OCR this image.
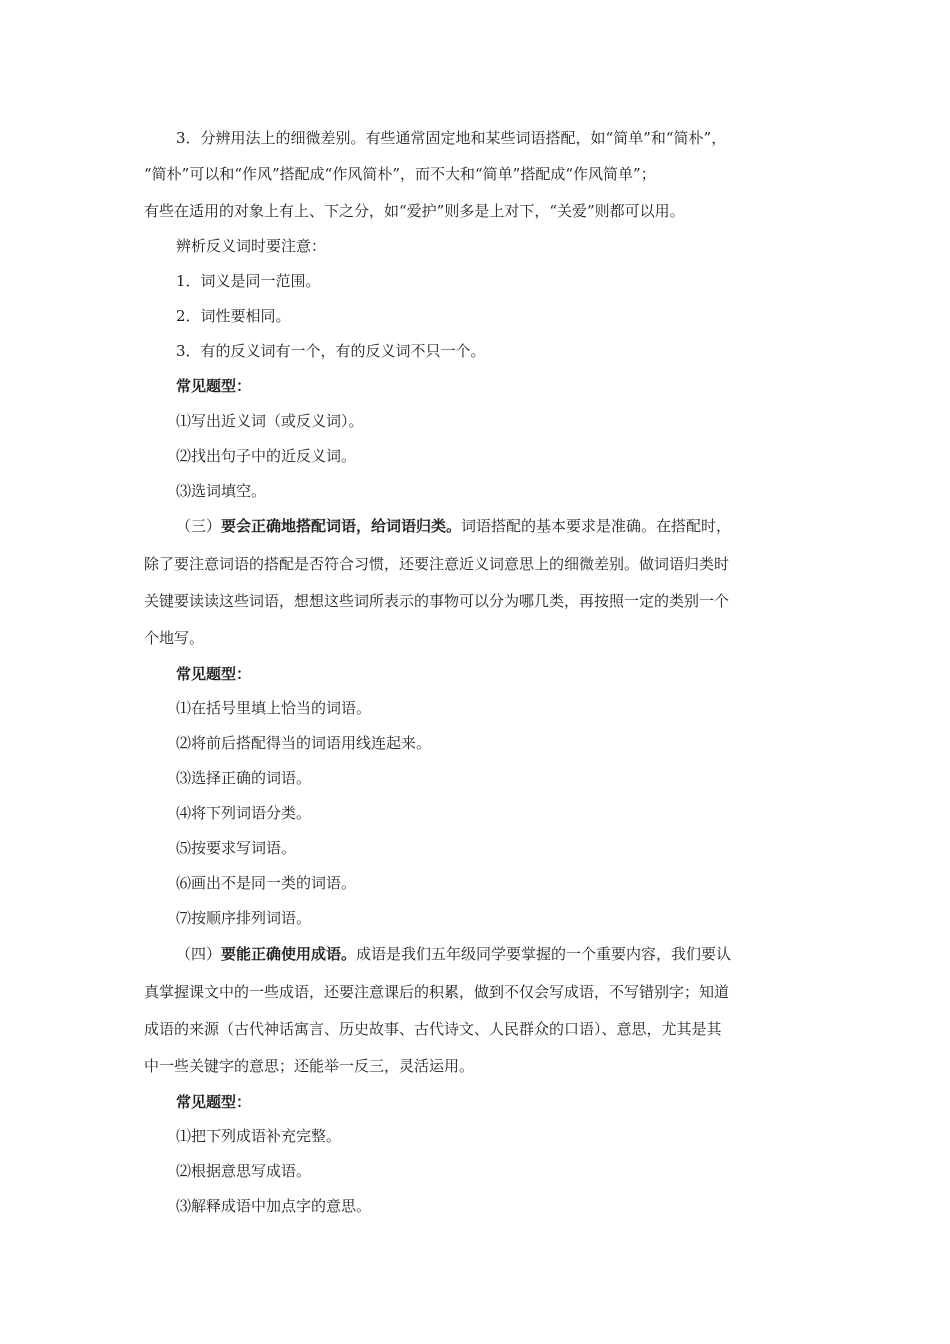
3．分辨用法上的细微差别。有些通常固定地和某些词语搭配，如“简单”和“简朴”，
“简朴”可以和“作风”搭配成“作风简朴”，而不大和“简单”搭配成“作风简单”；
有些在适用的对象上有上、下之分，如“爱护”则多是上对下，“关爱”则都可以用。
辨析反义词时要注意：
1．词义是同一范围。
2．词性要相同。
3．有的反义词有一个，有的反义词不只一个。
常见题型：
⑴写出近义词（或反义词）。
⑵找出句子中的近反义词。
⑶选词填空。
（三）要会正确地搭配词语，给词语归类。词语搭配的基本要求是准确。在搭配时，
除了要注意词语的搭配是否符合习惯，还要注意近义词意思上的细微差别。做词语归类时
关键要读读这些词语，想想这些词所表示的事物可以分为哪几类，再按照一定的类别一个
个地写。
常见题型：
⑴在括号里填上恰当的词语。
⑵将前后搭配得当的词语用线连起来。
⑶选择正确的词语。
⑷将下列词语分类。
⑸按要求写词语。
⑹画出不是同一类的词语。
⑺按顺序排列词语。
（四）要能正确使用成语。成语是我们五年级同学要掌握的一个重要内容，我们要认
真掌握课文中的一些成语，还要注意课后的积累，做到不仅会写成语，不写错别字；知道
成语的来源（古代神话寓言、历史故事、古代诗文、人民群众的口语）、意思，尤其是其
中一些关键字的意思；还能举一反三，灵活运用。
常见题型：
⑴把下列成语补充完整。
⑵根据意思写成语。
⑶解释成语中加点字的意思。
